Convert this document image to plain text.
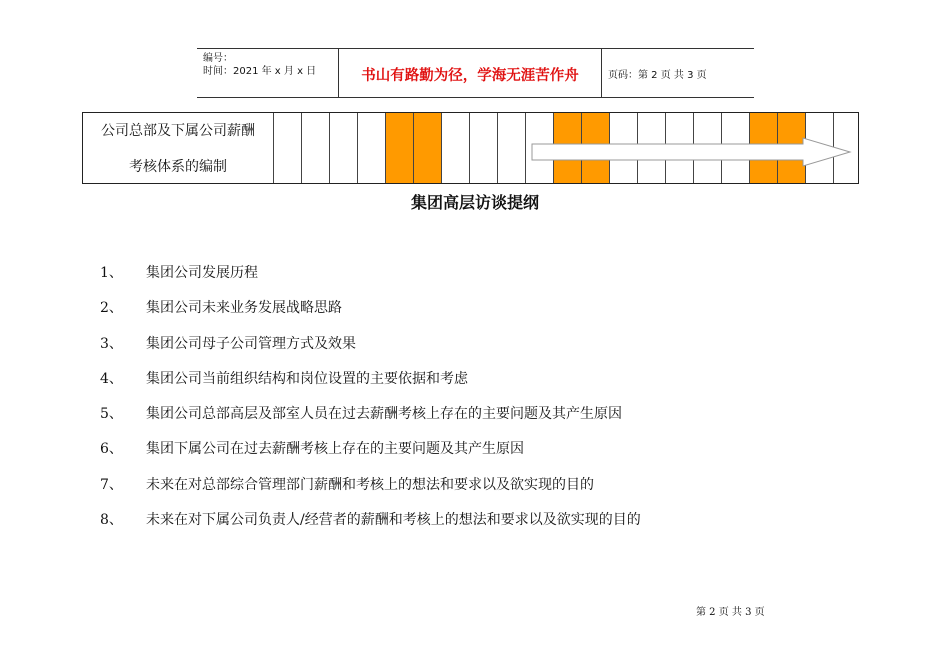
编号：
时间：2021 年 x 月 x 日	书山有路勤为径，学海无涯苦作舟	页码：第 2 页 共 3 页
公司总部及下属公司薪酬
考核体系的编制
集团高层访谈提纲
1、	集团公司发展历程
2、	集团公司未来业务发展战略思路
3、	集团公司母子公司管理方式及效果
4、	集团公司当前组织结构和岗位设置的主要依据和考虑
5、	集团公司总部高层及部室人员在过去薪酬考核上存在的主要问题及其产生原因
6、	集团下属公司在过去薪酬考核上存在的主要问题及其产生原因
7、	未来在对总部综合管理部门薪酬和考核上的想法和要求以及欲实现的目的
8、	未来在对下属公司负责人/经营者的薪酬和考核上的想法和要求以及欲实现的目的
第 2 页 共 3 页
